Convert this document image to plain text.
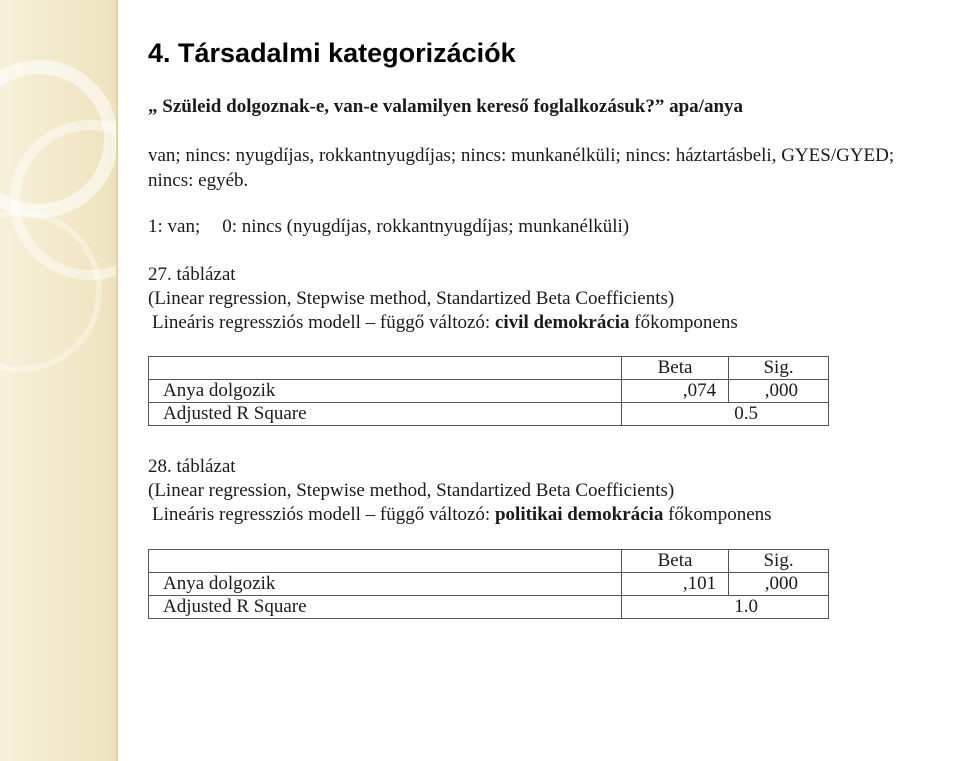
4. Társadalmi kategorizációk

„ Szüleid dolgoznak-e, van-e valamilyen kereső foglalkozásuk?” apa/anya

van; nincs: nyugdíjas, rokkantnyugdíjas; nincs: munkanélküli; nincs: háztartásbeli, GYES/GYED;

nincs: egyéb.

1: van; 0: nincs (nyugdíjas, rokkantnyugdíjas; munkanélküli)

27. táblázat
(Linear regression, Stepwise method, Standartized Beta Coefficients)
Lineáris regressziós modell – függő változó: civil demokrácia főkomponens
	Beta	Sig.
Anya dolgozik	,074	,000
Adjusted R Square	0.5	
28. táblázat
(Linear regression, Stepwise method, Standartized Beta Coefficients)
Lineáris regressziós modell – függő változó: politikai demokrácia főkomponens
	Beta	Sig.
Anya dolgozik	,101	,000
Adjusted R Square	1.0	
